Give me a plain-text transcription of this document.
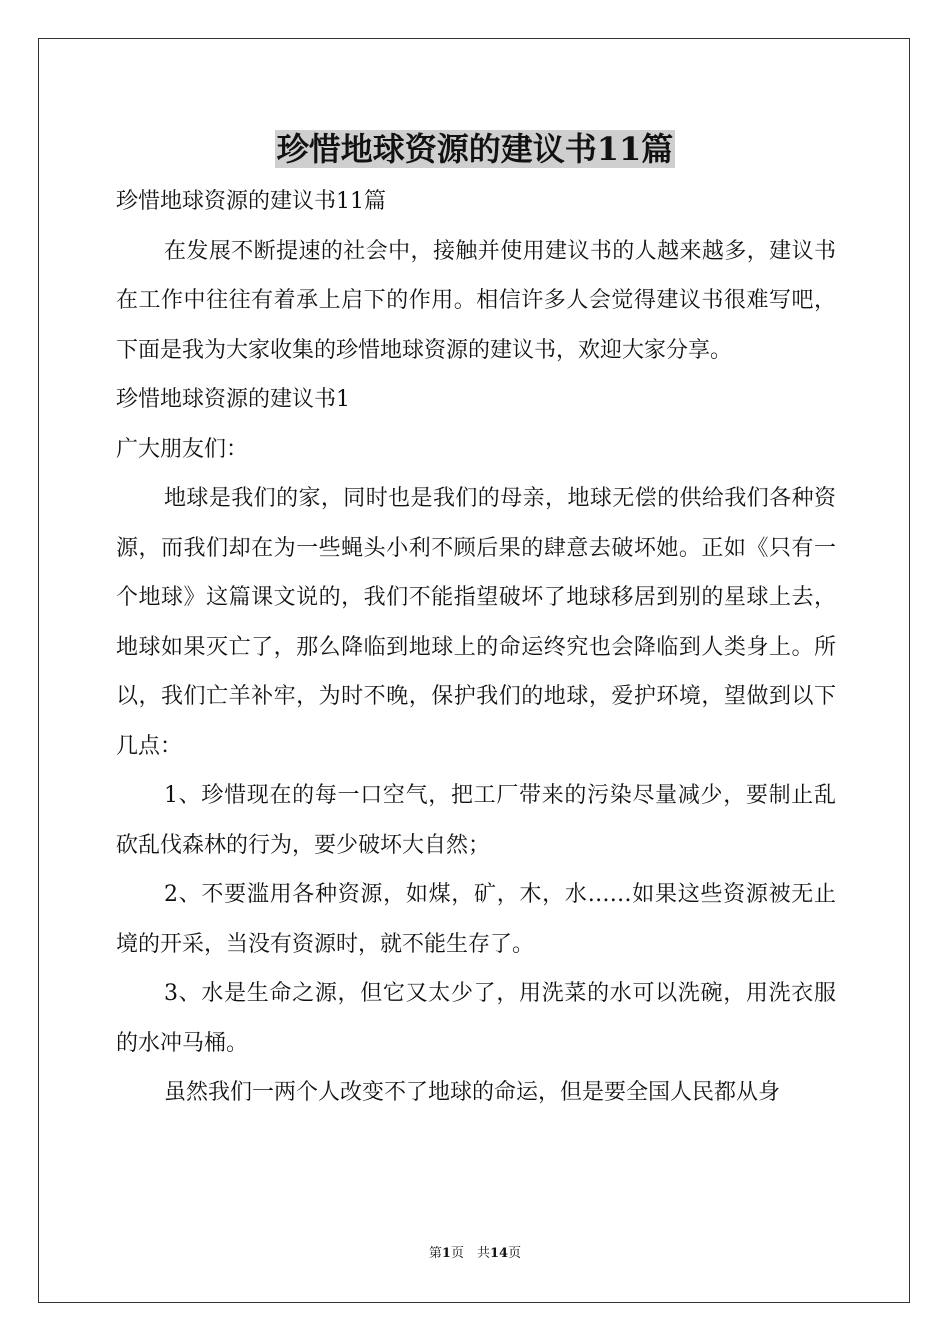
珍惜地球资源的建议书11篇

珍惜地球资源的建议书11篇

在发展不断提速的社会中，接触并使用建议书的人越来越多，建议书在工作中往往有着承上启下的作用。相信许多人会觉得建议书很难写吧，下面是我为大家收集的珍惜地球资源的建议书，欢迎大家分享。

珍惜地球资源的建议书1

广大朋友们：

地球是我们的家，同时也是我们的母亲，地球无偿的供给我们各种资源，而我们却在为一些蝇头小利不顾后果的肆意去破坏她。正如《只有一个地球》这篇课文说的，我们不能指望破坏了地球移居到别的星球上去，地球如果灭亡了，那么降临到地球上的命运终究也会降临到人类身上。所以，我们亡羊补牢，为时不晚，保护我们的地球，爱护环境，望做到以下几点：

1、珍惜现在的每一口空气，把工厂带来的污染尽量减少，要制止乱砍乱伐森林的行为，要少破坏大自然；

2、不要滥用各种资源，如煤，矿，木，水……如果这些资源被无止境的开采，当没有资源时，就不能生存了。

3、水是生命之源，但它又太少了，用洗菜的水可以洗碗，用洗衣服的水冲马桶。

虽然我们一两个人改变不了地球的命运，但是要全国人民都从身

第1页　共14页
